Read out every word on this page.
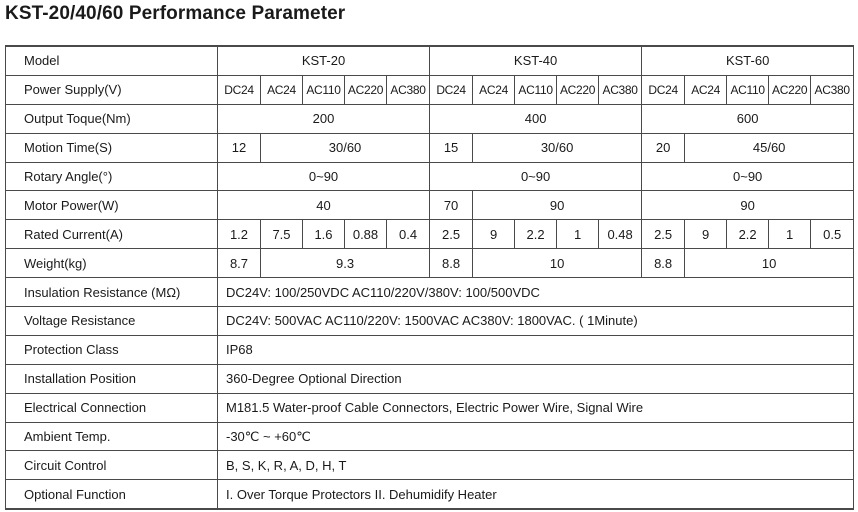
KST-20/40/60 Performance Parameter
Model	KST-20					KST-40					KST-60				
Power Supply(V)	DC24	AC24	AC110	AC220	AC380	DC24	AC24	AC110	AC220	AC380	DC24	AC24	AC110	AC220	AC380
Output Toque(Nm)	200					400					600				
Motion Time(S)	12	30/60				15	30/60				20	45/60			
Rotary Angle(°)	0~90					0~90					0~90				
Motor Power(W)	40					70	90				90				
Rated Current(A)	1.2	7.5	1.6	0.88	0.4	2.5	9	2.2	1	0.48	2.5	9	2.2	1	0.5
Weight(kg)	8.7	9.3				8.8	10				8.8	10			
Insulation Resistance (MΩ)	DC24V: 100/250VDC AC110/220V/380V: 100/500VDC														
Voltage Resistance	DC24V: 500VAC AC110/220V: 1500VAC AC380V: 1800VAC. ( 1Minute)														
Protection Class	IP68														
Installation Position	360-Degree Optional Direction														
Electrical Connection	M181.5 Water-proof Cable Connectors, Electric Power Wire, Signal Wire														
Ambient Temp.	-30℃ ~ +60℃														
Circuit Control	B, S, K, R, A, D, H, T														
Optional Function	I. Over Torque Protectors II. Dehumidify Heater														
